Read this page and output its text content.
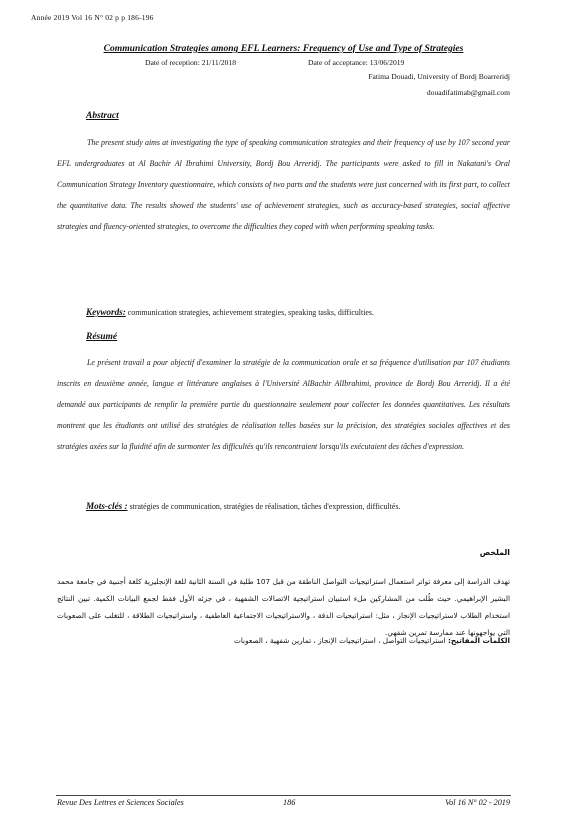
Année 2019 Vol 16 N° 02 p p 186-196
Communication Strategies among EFL Learners: Frequency of Use and Type of Strategies
Date of reception: 21/11/2018	Date of acceptance: 13/06/2019
Fatima Douadi, University of Bordj Boarreridj
douadifatimab@gmail.com
Abstract
The present study aims at investigating the type of speaking communication strategies and their frequency of use by 107 second year EFL undergraduates at Al Bachir Al Ibrahimi University, Bordj Bou Arreridj. The participants were asked to fill in Nakatani's Oral Communication Strategy Inventory questionnaire, which consists of two parts and the students were just concerned with its first part, to collect the quantitative data. The results showed the students' use of achievement strategies, such as accuracy-based strategies, social affective strategies and fluency-oriented strategies, to overcome the difficulties they coped with when performing speaking tasks.
Keywords: communication strategies, achievement strategies, speaking tasks, difficulties.
Résumé
Le présent travail a pour objectif d'examiner la stratégie de la communication orale et sa fréquence d'utilisation par 107 étudiants inscrits en deuxième année, langue et littérature anglaises à l'Université AlBachir AlIbrahimi, province de Bordj Bou Arreridj. Il a été demandé aux participants de remplir la première partie du questionnaire seulement pour collecter les données quantitatives. Les résultats montrent que les étudiants ont utilisé des stratégies de réalisation telles basées sur la précision, des stratégies sociales affectives et des stratégies axées sur la fluidité afin de surmonter les difficultés qu'ils rencontraient lorsqu'ils exécutaient des tâches d'expression.
Mots-clés : stratégies de communication, stratégies de réalisation, tâches d'expression, difficultés.
الملخص
تهدف الدراسة إلى معرفة تواتر استعمال استراتيجيات التواصل الناطقة من قبل 107 طلبة في السنة الثانية للغة الإنجليزية كلغة أجنبية في جامعة محمد البشير الإبراهيمي. حيث طُلب من المشاركين ملء استبيان استراتيجية الاتصالات الشفهية ، في جزئه الأول فقط لجمع البيانات الكمية. تبين النتائج استخدام الطلاب لاستراتيجيات الإنجاز ، مثل: استراتيجيات الدقة ، والاستراتيجيات الاجتماعية العاطفية ، واستراتيجيات الطلاقة ، للتغلب على الصعوبات التي يواجهونها عند ممارسة تمرين شفهي.
الكلمات المفاتيح: استراتيجيات التواصل ، استراتيجيات الإنجاز ، تمارين شفهية ، الصعوبات
Revue Des Lettres et Sciences Sociales	186	Vol 16 N° 02 - 2019
